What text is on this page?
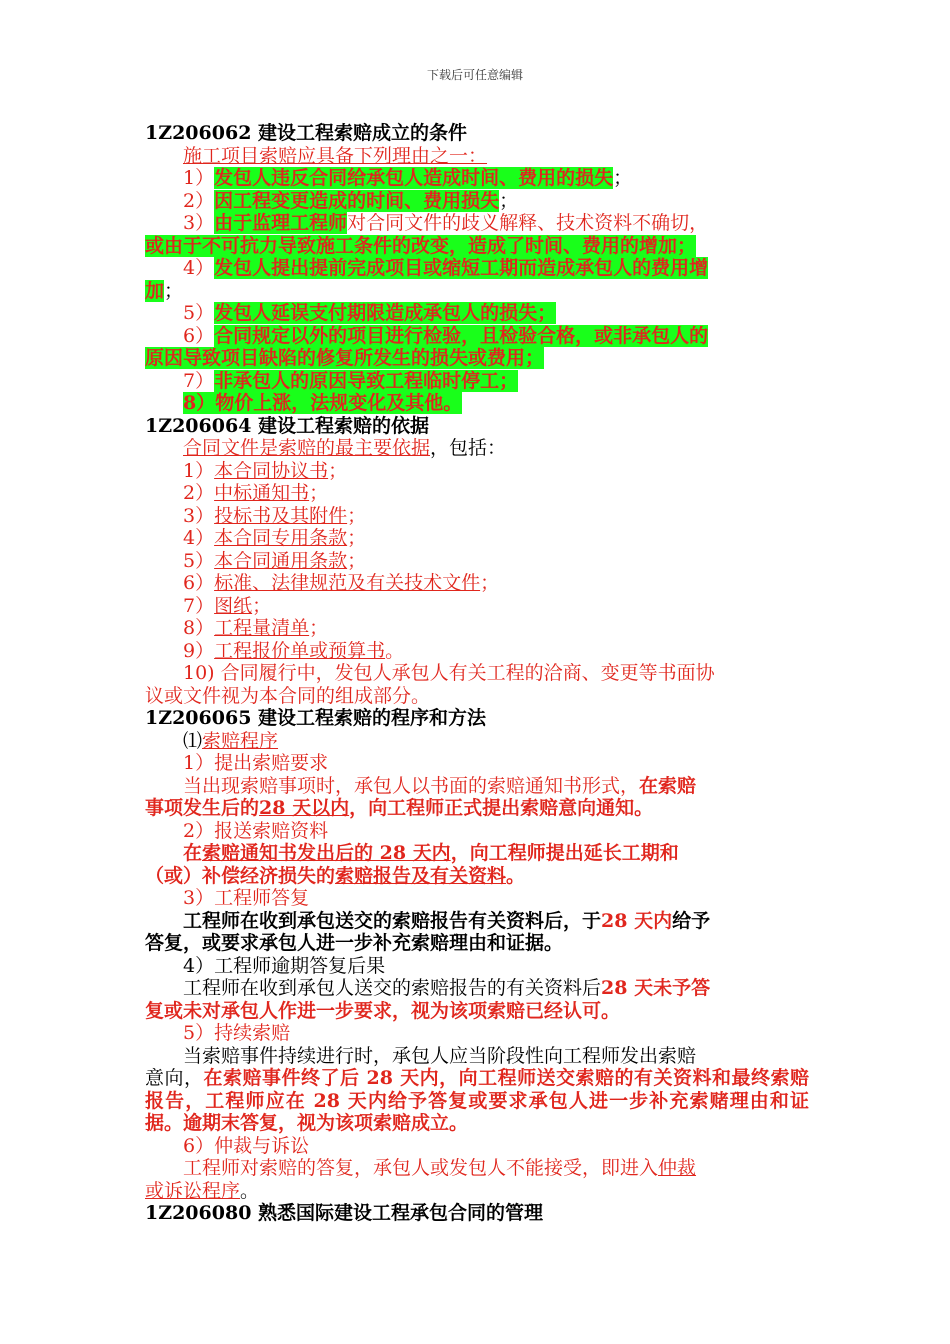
下载后可任意编辑

1Z206062 建设工程索赔成立的条件

施工项目索赔应具备下列理由之一：

1）发包人违反合同给承包人造成时间、费用的损失；

2）因工程变更造成的时间、费用损失；

3）由于监理工程师对合同文件的歧义解释、技术资料不确切，

或由于不可抗力导致施工条件的改变，造成了时间、费用的增加；

4）发包人提出提前完成项目或缩短工期而造成承包人的费用增

加；

5）发包人延误支付期限造成承包人的损失；

6）合同规定以外的项目进行检验，且检验合格，或非承包人的

原因导致项目缺陷的修复所发生的损失或费用；

7）非承包人的原因导致工程临时停工；

8）物价上涨，法规变化及其他。

1Z206064 建设工程索赔的依据

合同文件是索赔的最主要依据，包括：

1）本合同协议书；

2）中标通知书；

3）投标书及其附件；

4）本合同专用条款；

5）本合同通用条款；

6）标准、法律规范及有关技术文件；

7）图纸；

8）工程量清单；

9）工程报价单或预算书。

10) 合同履行中，发包人承包人有关工程的洽商、变更等书面协

议或文件视为本合同的组成部分。

1Z206065 建设工程索赔的程序和方法

⑴索赔程序

1）提出索赔要求

当出现索赔事项时，承包人以书面的索赔通知书形式，在索赔

事项发生后的28 天以内，向工程师正式提出索赔意向通知。

2）报送索赔资料

在索赔通知书发出后的 28 天内，向工程师提出延长工期和

（或）补偿经济损失的索赔报告及有关资料。

3）工程师答复

工程师在收到承包送交的索赔报告有关资料后，于28 天内给予

答复，或要求承包人进一步补充索赔理由和证据。

4）工程师逾期答复后果

工程师在收到承包人送交的索赔报告的有关资料后28 天未予答

复或未对承包人作进一步要求，视为该项索赔已经认可。

5）持续索赔

当索赔事件持续进行时，承包人应当阶段性向工程师发出索赔

意向，在索赔事件终了后 28 天内，向工程师送交索赔的有关资料和最终索赔报告，工程师应在 28 天内给予答复或要求承包人进一步补充索赌理由和证据。逾期末答复，视为该项索赔成立。

6）仲裁与诉讼

工程师对索赔的答复，承包人或发包人不能接受，即进入仲裁

或诉讼程序。

1Z206080 熟悉国际建设工程承包合同的管理
